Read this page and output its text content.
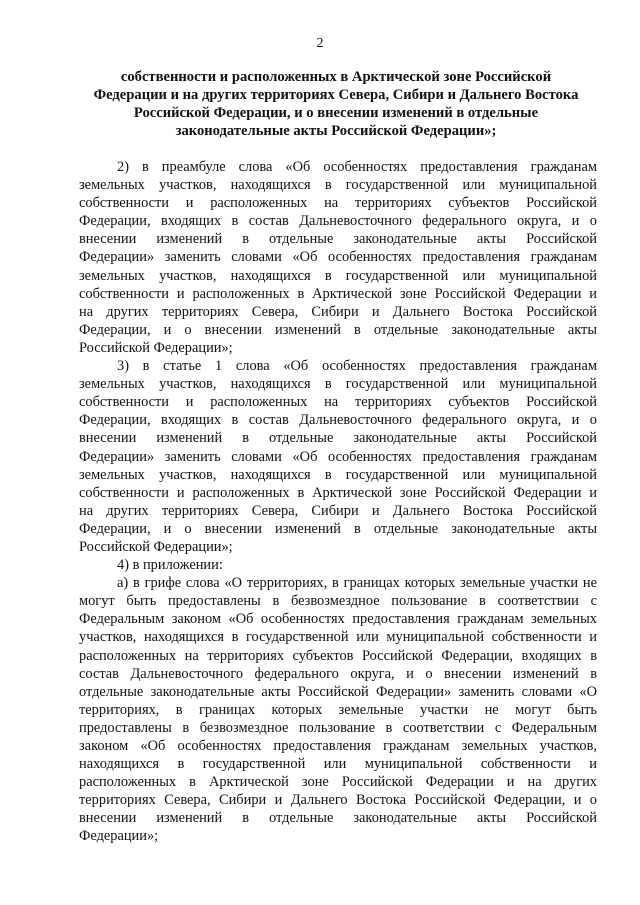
2
собственности и расположенных в Арктической зоне Российской
Федерации и на других территориях Севера, Сибири и Дальнего Востока
Российской Федерации, и о внесении изменений в отдельные
законодательные акты Российской Федерации»;

2) в преамбуле слова «Об особенностях предоставления гражданам
земельных участков, находящихся в государственной или муниципальной
собственности и расположенных на территориях субъектов Российской
Федерации, входящих в состав Дальневосточного федерального округа, и о
внесении изменений в отдельные законодательные акты Российской
Федерации» заменить словами «Об особенностях предоставления гражданам
земельных участков, находящихся в государственной или муниципальной
собственности и расположенных в Арктической зоне Российской Федерации и
на других территориях Севера, Сибири и Дальнего Востока Российской
Федерации, и о внесении изменений в отдельные законодательные акты
Российской Федерации»;

3) в статье 1 слова «Об особенностях предоставления гражданам
земельных участков, находящихся в государственной или муниципальной
собственности и расположенных на территориях субъектов Российской
Федерации, входящих в состав Дальневосточного федерального округа, и о
внесении изменений в отдельные законодательные акты Российской
Федерации» заменить словами «Об особенностях предоставления гражданам
земельных участков, находящихся в государственной или муниципальной
собственности и расположенных в Арктической зоне Российской Федерации и
на других территориях Севера, Сибири и Дальнего Востока Российской
Федерации, и о внесении изменений в отдельные законодательные акты
Российской Федерации»;

4) в приложении:

а) в грифе слова «О территориях, в границах которых земельные участки не
могут быть предоставлены в безвозмездное пользование в соответствии с
Федеральным законом «Об особенностях предоставления гражданам земельных
участков, находящихся в государственной или муниципальной собственности и
расположенных на территориях субъектов Российской Федерации, входящих в
состав Дальневосточного федерального округа, и о внесении изменений в
отдельные законодательные акты Российской Федерации» заменить словами «О
территориях, в границах которых земельные участки не могут быть
предоставлены в безвозмездное пользование в соответствии с Федеральным
законом «Об особенностях предоставления гражданам земельных участков,
находящихся в государственной или муниципальной собственности и
расположенных в Арктической зоне Российской Федерации и на других
территориях Севера, Сибири и Дальнего Востока Российской Федерации, и о
внесении изменений в отдельные законодательные акты Российской
Федерации»;
